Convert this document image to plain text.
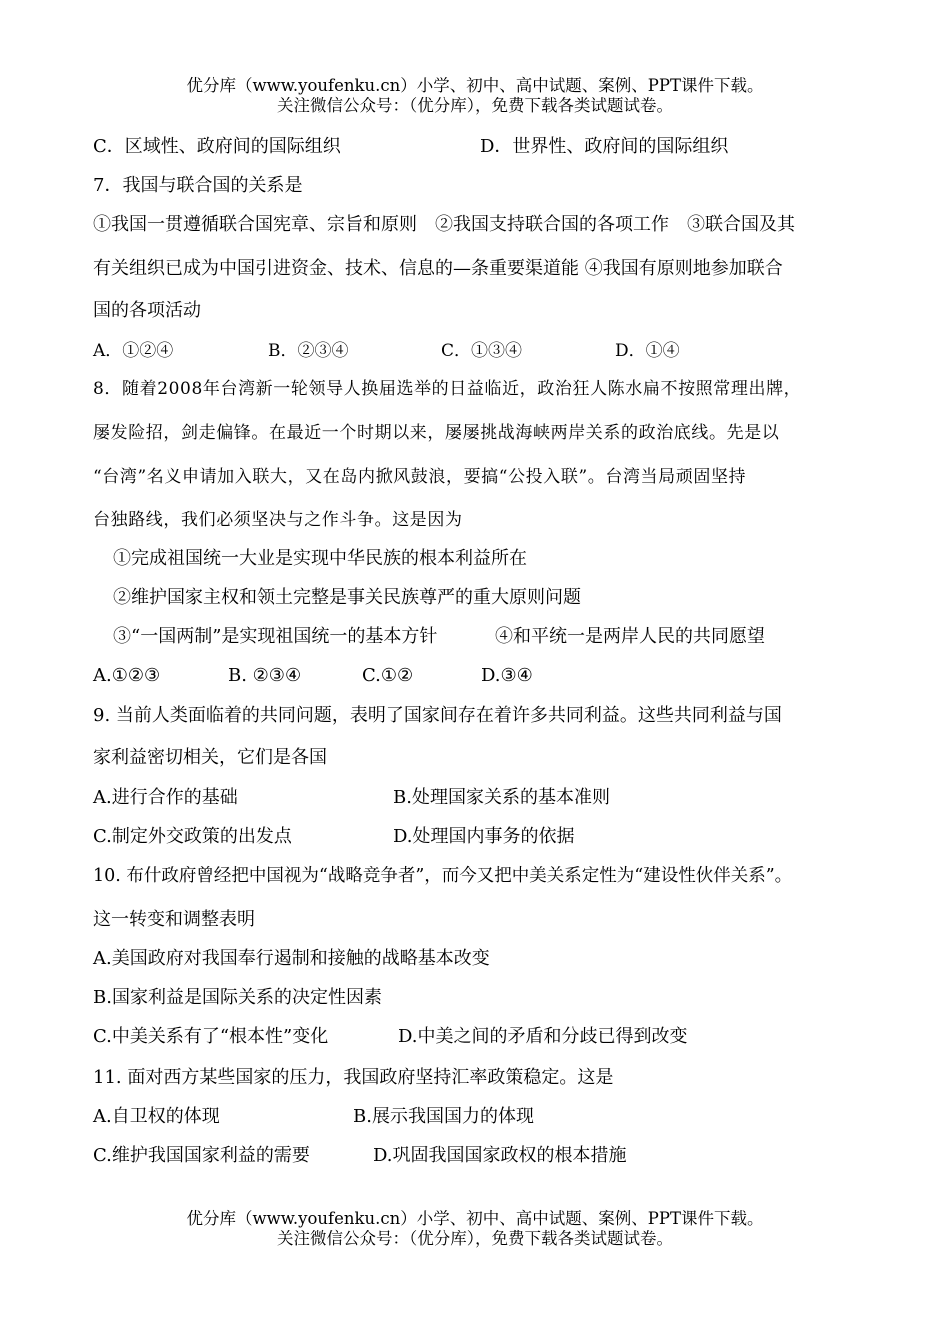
优分库（www.youfenku.cn）小学、初中、高中试题、案例、PPT课件下载。
关注微信公众号：（优分库），免费下载各类试题试卷。
C．区域性、政府间的国际组织	D．世界性、政府间的国际组织
7．我国与联合国的关系是
①我国一贯遵循联合国宪章、宗旨和原则　②我国支持联合国的各项工作　③联合国及其
有关组织已成为中国引进资金、技术、信息的—条重要渠道能 ④我国有原则地参加联合
国的各项活动
A．①②④	B．②③④	C．①③④	D．①④
8．随着2008年台湾新一轮领导人换届选举的日益临近，政治狂人陈水扁不按照常理出牌，
屡发险招，剑走偏锋。在最近一个时期以来，屡屡挑战海峡两岸关系的政治底线。先是以
“台湾”名义申请加入联大，又在岛内掀风鼓浪，要搞“公投入联”。台湾当局顽固坚持
台独路线，我们必须坚决与之作斗争。这是因为
①完成祖国统一大业是实现中华民族的根本利益所在
②维护国家主权和领土完整是事关民族尊严的重大原则问题
③“一国两制”是实现祖国统一的基本方针	④和平统一是两岸人民的共同愿望
A.①②③	B. ②③④	C.①②	D.③④
9. 当前人类面临着的共同问题，表明了国家间存在着许多共同利益。这些共同利益与国
家利益密切相关，它们是各国
A.进行合作的基础	B.处理国家关系的基本准则
C.制定外交政策的出发点	D.处理国内事务的依据
10. 布什政府曾经把中国视为“战略竞争者”，而今又把中美关系定性为“建设性伙伴关系”。
这一转变和调整表明
A.美国政府对我国奉行遏制和接触的战略基本改变
B.国家利益是国际关系的决定性因素
C.中美关系有了“根本性”变化	D.中美之间的矛盾和分歧已得到改变
11. 面对西方某些国家的压力，我国政府坚持汇率政策稳定。这是
A.自卫权的体现	B.展示我国国力的体现
C.维护我国国家利益的需要	D.巩固我国国家政权的根本措施
优分库（www.youfenku.cn）小学、初中、高中试题、案例、PPT课件下载。
关注微信公众号：（优分库），免费下载各类试题试卷。
